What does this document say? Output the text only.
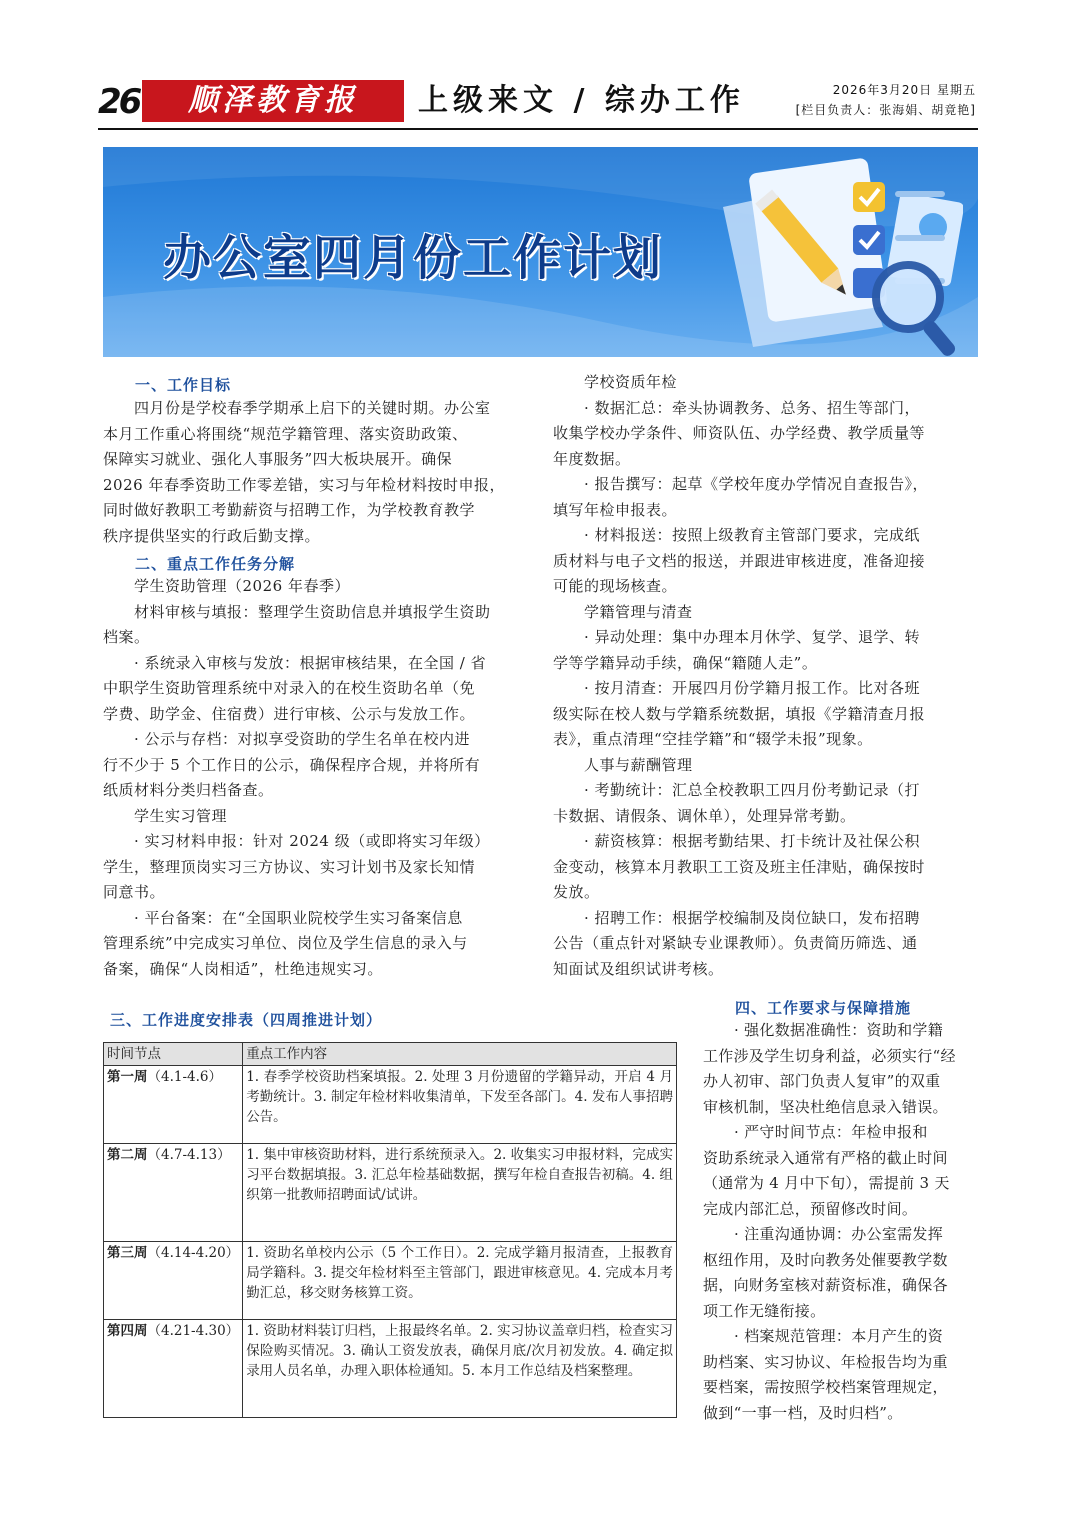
26	顺泽教育报	上级来文 / 综办工作	2026年3月20日 星期五
[栏目负责人：张海娟、胡竟艳]
办公室四月份工作计划
一、工作目标
四月份是学校春季学期承上启下的关键时期。办公室
本月工作重心将围绕“规范学籍管理、落实资助政策、
保障实习就业、强化人事服务”四大板块展开。确保
2026 年春季资助工作零差错，实习与年检材料按时申报，
同时做好教职工考勤薪资与招聘工作，为学校教育教学
秩序提供坚实的行政后勤支撑。
二、重点工作任务分解
学生资助管理（2026 年春季）
材料审核与填报：整理学生资助信息并填报学生资助
档案。
· 系统录入审核与发放：根据审核结果，在全国 / 省
中职学生资助管理系统中对录入的在校生资助名单（免
学费、助学金、住宿费）进行审核、公示与发放工作。
· 公示与存档：对拟享受资助的学生名单在校内进
行不少于 5 个工作日的公示，确保程序合规，并将所有
纸质材料分类归档备查。
学生实习管理
· 实习材料申报：针对 2024 级（或即将实习年级）
学生，整理顶岗实习三方协议、实习计划书及家长知情
同意书。
· 平台备案：在“全国职业院校学生实习备案信息
管理系统”中完成实习单位、岗位及学生信息的录入与
备案，确保“人岗相适”，杜绝违规实习。
学校资质年检
· 数据汇总：牵头协调教务、总务、招生等部门，
收集学校办学条件、师资队伍、办学经费、教学质量等
年度数据。
· 报告撰写：起草《学校年度办学情况自查报告》，
填写年检申报表。
· 材料报送：按照上级教育主管部门要求，完成纸
质材料与电子文档的报送，并跟进审核进度，准备迎接
可能的现场核查。
学籍管理与清查
· 异动处理：集中办理本月休学、复学、退学、转
学等学籍异动手续，确保“籍随人走”。
· 按月清查：开展四月份学籍月报工作。比对各班
级实际在校人数与学籍系统数据，填报《学籍清查月报
表》，重点清理“空挂学籍”和“辍学未报”现象。
人事与薪酬管理
· 考勤统计：汇总全校教职工四月份考勤记录（打
卡数据、请假条、调休单），处理异常考勤。
· 薪资核算：根据考勤结果、打卡统计及社保公积
金变动，核算本月教职工工资及班主任津贴，确保按时
发放。
· 招聘工作：根据学校编制及岗位缺口，发布招聘
公告（重点针对紧缺专业课教师）。负责简历筛选、通
知面试及组织试讲考核。
三、工作进度安排表（四周推进计划）
时间节点	重点工作内容
第一周（4.1-4.6）	1. 春季学校资助档案填报。2. 处理 3 月份遗留的学籍异动，开启 4 月考勤统计。3. 制定年检材料收集清单，下发至各部门。4. 发布人事招聘公告。
第二周（4.7-4.13）	1. 集中审核资助材料，进行系统预录入。2. 收集实习申报材料，完成实习平台数据填报。3. 汇总年检基础数据，撰写年检自查报告初稿。4. 组织第一批教师招聘面试/试讲。
第三周（4.14-4.20）	1. 资助名单校内公示（5 个工作日）。2. 完成学籍月报清查，上报教育局学籍科。3. 提交年检材料至主管部门，跟进审核意见。4. 完成本月考勤汇总，移交财务核算工资。
第四周（4.21-4.30）	1. 资助材料装订归档，上报最终名单。2. 实习协议盖章归档，检查实习保险购买情况。3. 确认工资发放表，确保月底/次月初发放。4. 确定拟录用人员名单，办理入职体检通知。5. 本月工作总结及档案整理。
四、工作要求与保障措施
· 强化数据准确性：资助和学籍
工作涉及学生切身利益，必须实行“经
办人初审、部门负责人复审”的双重
审核机制，坚决杜绝信息录入错误。
· 严守时间节点：年检申报和
资助系统录入通常有严格的截止时间
（通常为 4 月中下旬），需提前 3 天
完成内部汇总，预留修改时间。
· 注重沟通协调：办公室需发挥
枢纽作用，及时向教务处催要教学数
据，向财务室核对薪资标准，确保各
项工作无缝衔接。
· 档案规范管理：本月产生的资
助档案、实习协议、年检报告均为重
要档案，需按照学校档案管理规定，
做到“一事一档，及时归档”。
